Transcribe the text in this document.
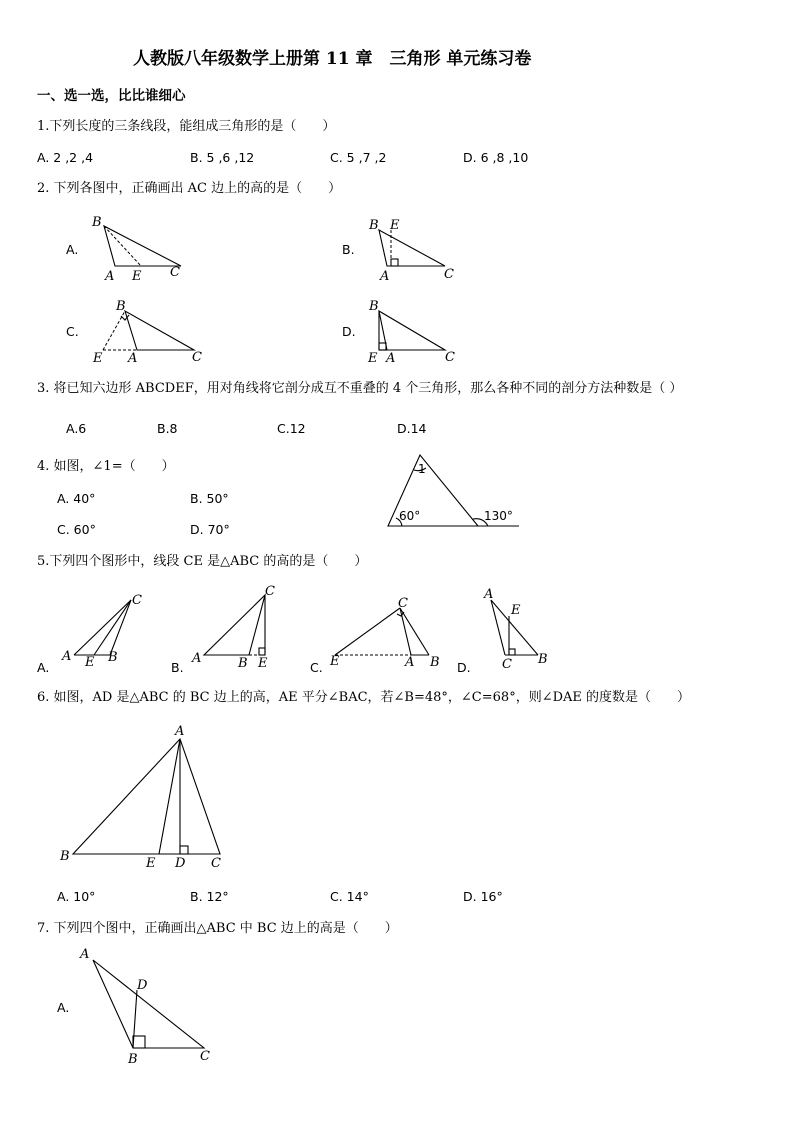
人教版八年级数学上册第 11 章　三角形 单元练习卷
一、选一选，比比谁细心
1.下列长度的三条线段，能组成三角形的是（　　）
A. 2 ,2 ,4	B. 5 ,6 ,12	C. 5 ,7 ,2	D. 6 ,8 ,10
2. 下列各图中，正确画出 AC 边上的高的是（　　）
A.	B.
C.	D.
3. 将已知六边形 ABCDEF，用对角线将它剖分成互不重叠的 4 个三角形，那么各种不同的剖分方法种数是（ ）
A.6	B.8	C.12	D.14
4. 如图，∠1=（　　）
A. 40°	B. 50°
C. 60°	D. 70°
5.下列四个图形中，线段 CE 是△ABC 的高的是（　　）
A.	B.	C.	D.
6. 如图，AD 是△ABC 的 BC 边上的高，AE 平分∠BAC，若∠B=48°，∠C=68°，则∠DAE 的度数是（　　）
A. 10°	B. 12°	C. 14°	D. 16°
7. 下列四个图中，正确画出△ABC 中 BC 边上的高是（　　）
A.
B
A E C
B E
A	C
B
E A	C
B
E A	C
1
60°	130°
C
A E B
C
A	B E
C
E	A B
A
E
C B
A
B	E D C
A
D
B	C
